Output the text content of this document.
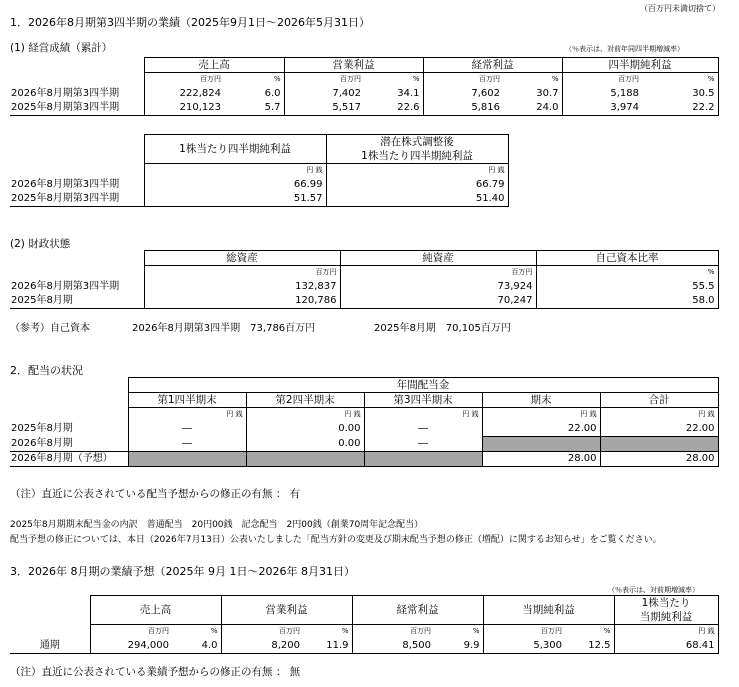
（百万円未満切捨て）
1．2026年8月期第3四半期の業績（2025年9月1日～2026年5月31日）
(1) 経営成績（累計）	（％表示は、対前年同四半期増減率）
	売上高		営業利益		経常利益		四半期純利益	
	百万円	%	百万円	%	百万円	%	百万円	%
2026年8月期第3四半期	222,824	6.0	7,402	34.1	7,602	30.7	5,188	30.5
2025年8月期第3四半期	210,123	5.7	5,517	22.6	5,816	24.0	3,974	22.2
	1株当たり四半期純利益	潜在株式調整後
1株当たり四半期純利益

	円 銭	円 銭
2026年8月期第3四半期	66.99	66.79
2025年8月期第3四半期	51.57	51.40
(2) 財政状態
	総資産	純資産	自己資本比率
	百万円	百万円	%
2026年8月期第3四半期	132,837	73,924	55.5
2025年8月期	120,786	70,247	58.0
（参考）自己資本	2026年8月期第3四半期　73,786百万円	2025年8月期　70,105百万円
2．配当の状況
	年間配当金				
	第1四半期末	第2四半期末	第3四半期末	期末	合計
	円 銭	円 銭	円 銭	円 銭	円 銭
2025年8月期	―	0.00	―	22.00	22.00
2026年8月期	―	0.00	―		
2026年8月期（予想）				28.00	28.00
（注）直近に公表されている配当予想からの修正の有無 ： 有
2025年8月期期末配当金の内訳　普通配当　20円00銭　記念配当　2円00銭（創業70周年記念配当）
配当予想の修正については、本日（2026年7月13日）公表いたしました「配当方針の変更及び期末配当予想の修正（増配）に関するお知らせ」をご覧ください。
3．2026年 8月期の業績予想（2025年 9月 1日～2026年 8月31日）
（％表示は、対前期増減率）
	売上高		営業利益		経常利益		当期純利益		1株当たり
当期純利益

	百万円	%	百万円	%	百万円	%	百万円	%	円 銭
通期	294,000	4.0	8,200	11.9	8,500	9.9	5,300	12.5	68.41
（注）直近に公表されている業績予想からの修正の有無 ： 無
